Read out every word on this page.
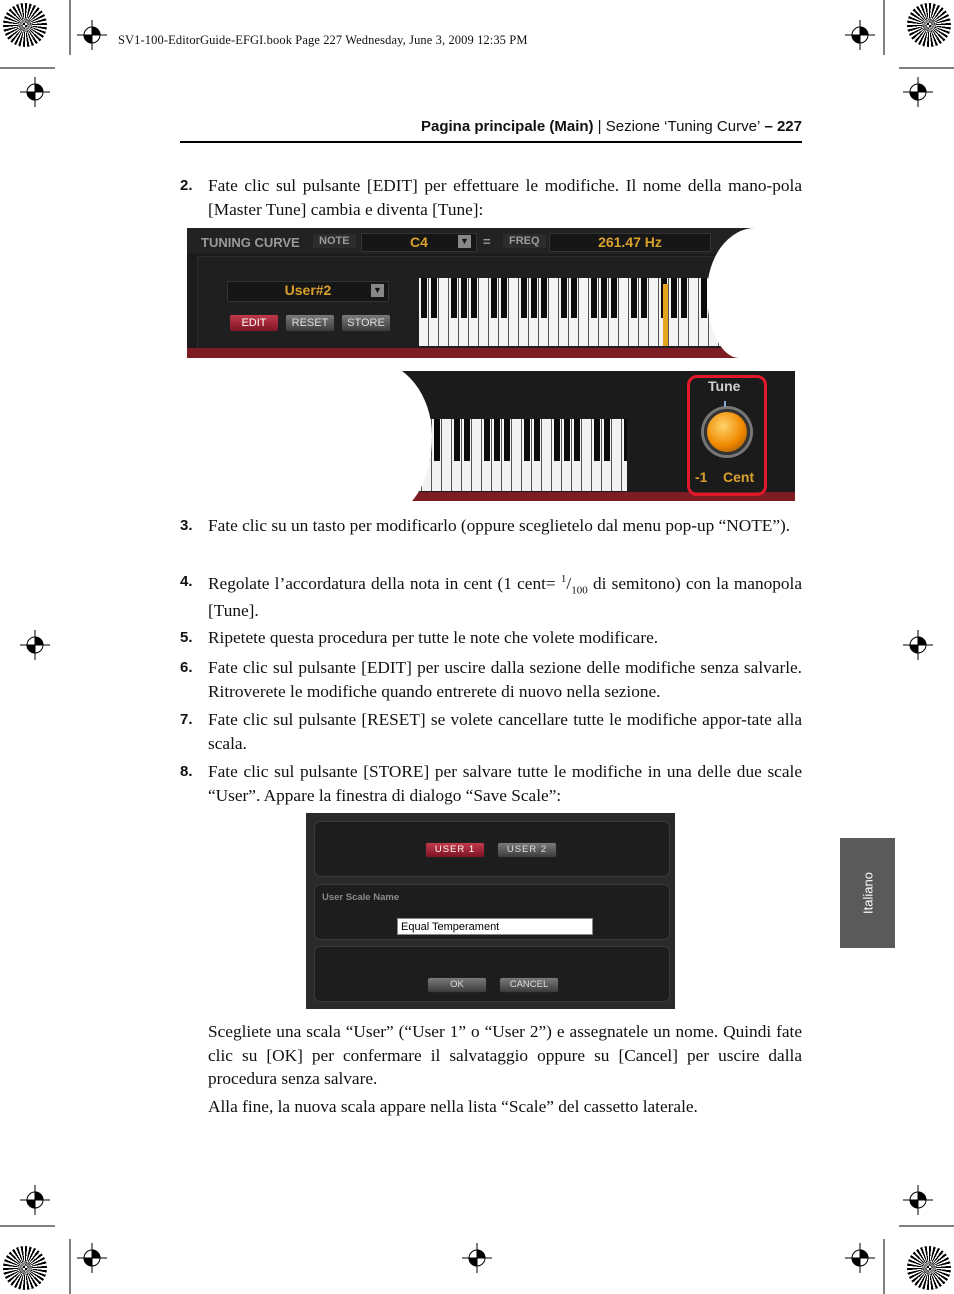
SV1-100-EditorGuide-EFGI.book Page 227 Wednesday, June 3, 2009 12:35 PM
Pagina principale (Main) | Sezione ‘Tuning Curve’ – 227
2. Fate clic sul pulsante [EDIT] per effettuare le modifiche. Il nome della mano-pola [Master Tune] cambia e diventa [Tune]:
TUNING CURVE	NOTE	C4	▼ =	FREQ	261.47 Hz
User#2	▼
EDIT	RESET	STORE
Tune
-1 Cent
3. Fate clic su un tasto per modificarlo (oppure sceglietelo dal menu pop-up “NOTE”).
4. Regolate l’accordatura della nota in cent (1 cent= $^1/_{100}$ di semitono) con la manopola [Tune].
5. Ripetete questa procedura per tutte le note che volete modificare.
6. Fate clic sul pulsante [EDIT] per uscire dalla sezione delle modifiche senza salvarle. Ritroverete le modifiche quando entrerete di nuovo nella sezione.
7. Fate clic sul pulsante [RESET] se volete cancellare tutte le modifiche appor-tate alla scala.
8. Fate clic sul pulsante [STORE] per salvare tutte le modifiche in una delle due scale “User”. Appare la finestra di dialogo “Save Scale”:
USER 1	USER 2
User Scale Name
Equal Temperament
OK	CANCEL
Scegliete una scala “User” (“User 1” o “User 2”) e assegnatele un nome. Quindi fate clic su [OK] per confermare il salvataggio oppure su [Cancel] per uscire dalla procedura senza salvare.
Alla fine, la nuova scala appare nella lista “Scale” del cassetto laterale.
Italiano
